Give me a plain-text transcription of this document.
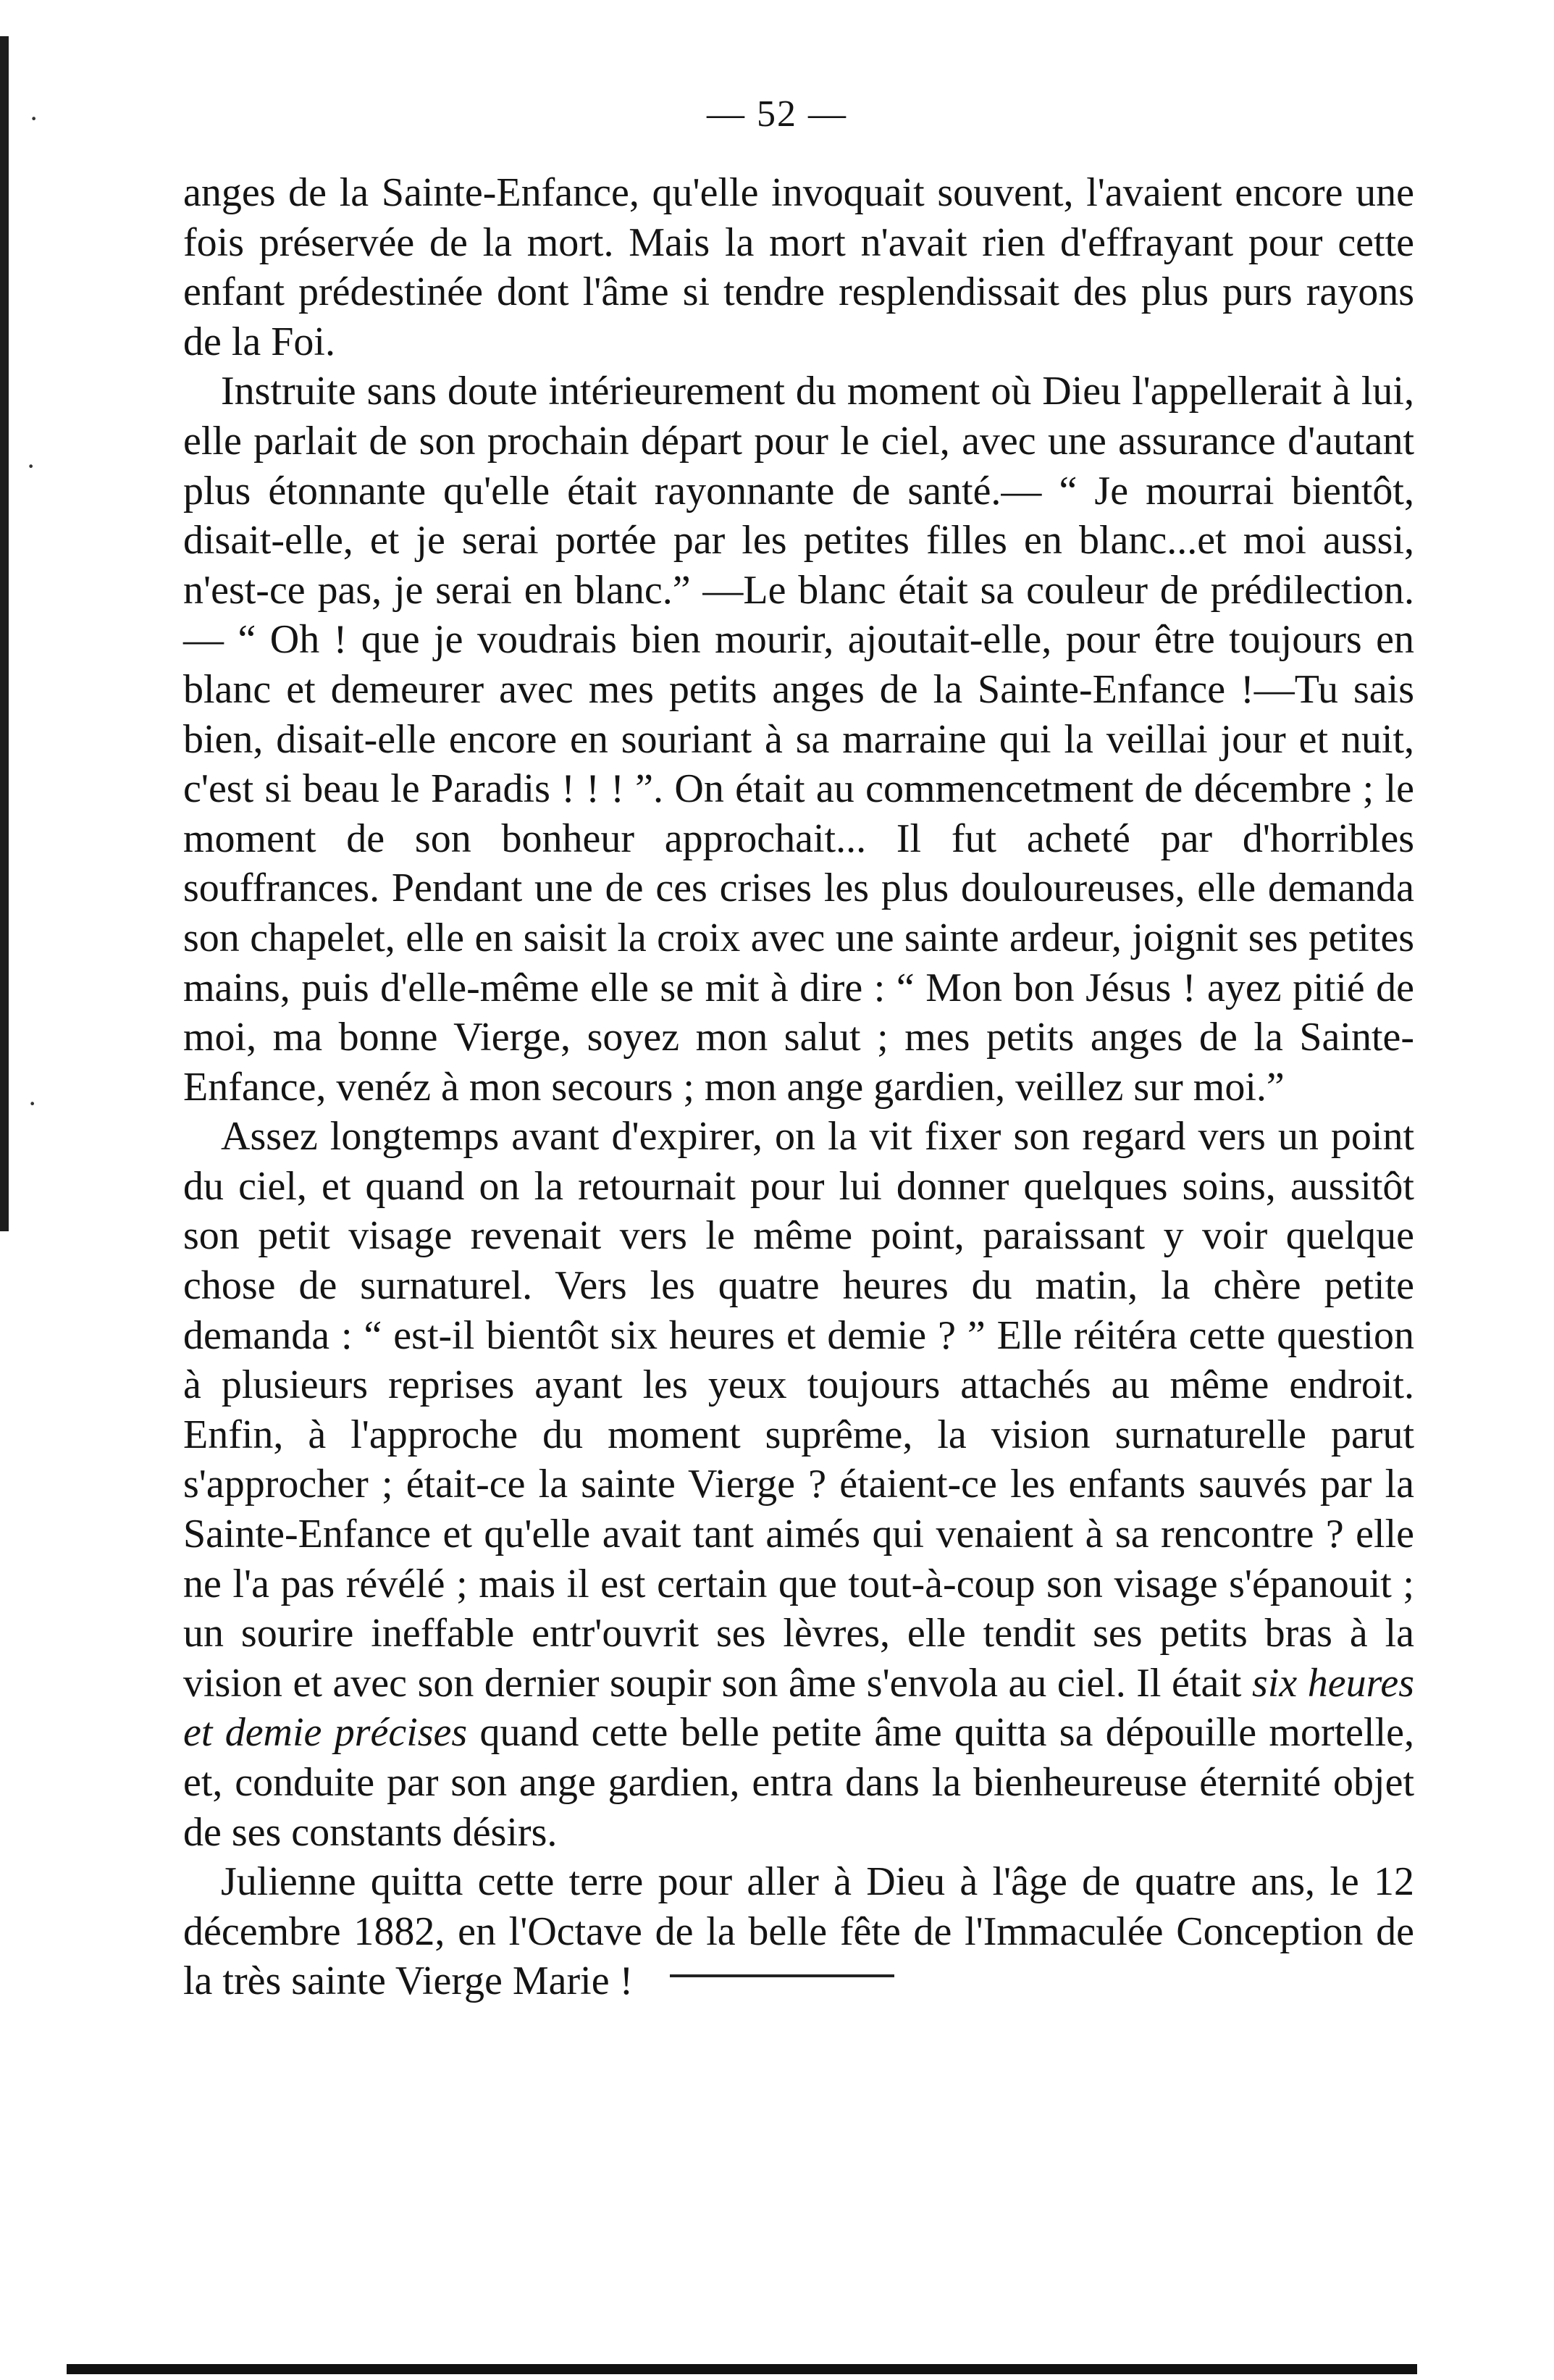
·
·
·
— 52 —

anges de la Sainte-Enfance, qu'elle invoquait souvent, l'avaient encore une fois préservée de la mort. Mais la mort n'avait rien d'effrayant pour cette enfant prédestinée dont l'âme si tendre resplendissait des plus purs rayons de la Foi.

Instruite sans doute intérieurement du moment où Dieu l'appellerait à lui, elle parlait de son prochain départ pour le ciel, avec une assurance d'autant plus étonnante qu'elle était rayonnante de santé.— “ Je mourrai bientôt, disait-elle, et je serai portée par les petites filles en blanc...et moi aussi, n'est-ce pas, je serai en blanc.” —Le blanc était sa couleur de prédilection.— “ Oh ! que je voudrais bien mourir, ajoutait-elle, pour être toujours en blanc et demeurer avec mes petits anges de la Sainte-Enfance !—Tu sais bien, disait-elle encore en souriant à sa marraine qui la veillai jour et nuit, c'est si beau le Paradis ! ! ! ”. On était au commencetment de décembre ; le moment de son bonheur approchait... Il fut acheté par d'horribles souffrances. Pendant une de ces crises les plus douloureuses, elle demanda son chapelet, elle en saisit la croix avec une sainte ardeur, joignit ses petites mains, puis d'elle-même elle se mit à dire : “ Mon bon Jésus ! ayez pitié de moi, ma bonne Vierge, soyez mon salut ; mes petits anges de la Sainte-Enfance, venéz à mon secours ; mon ange gardien, veillez sur moi.”

Assez longtemps avant d'expirer, on la vit fixer son regard vers un point du ciel, et quand on la retournait pour lui donner quelques soins, aussitôt son petit visage revenait vers le même point, paraissant y voir quelque chose de surnaturel. Vers les quatre heures du matin, la chère petite demanda : “ est-il bientôt six heures et demie ? ” Elle réitéra cette question à plusieurs reprises ayant les yeux toujours attachés au même endroit. Enfin, à l'approche du moment suprême, la vision surnaturelle parut s'approcher ; était-ce la sainte Vierge ? étaient-ce les enfants sauvés par la Sainte-Enfance et qu'elle avait tant aimés qui venaient à sa rencontre ? elle ne l'a pas révélé ; mais il est certain que tout-à-coup son visage s'épanouit ; un sourire ineffable entr'ouvrit ses lèvres, elle tendit ses petits bras à la vision et avec son dernier soupir son âme s'envola au ciel. Il était six heures et demie précises quand cette belle petite âme quitta sa dépouille mortelle, et, conduite par son ange gardien, entra dans la bienheureuse éternité objet de ses constants désirs.

Julienne quitta cette terre pour aller à Dieu à l'âge de quatre ans, le 12 décembre 1882, en l'Octave de la belle fête de l'Immaculée Conception de la très sainte Vierge Marie !
